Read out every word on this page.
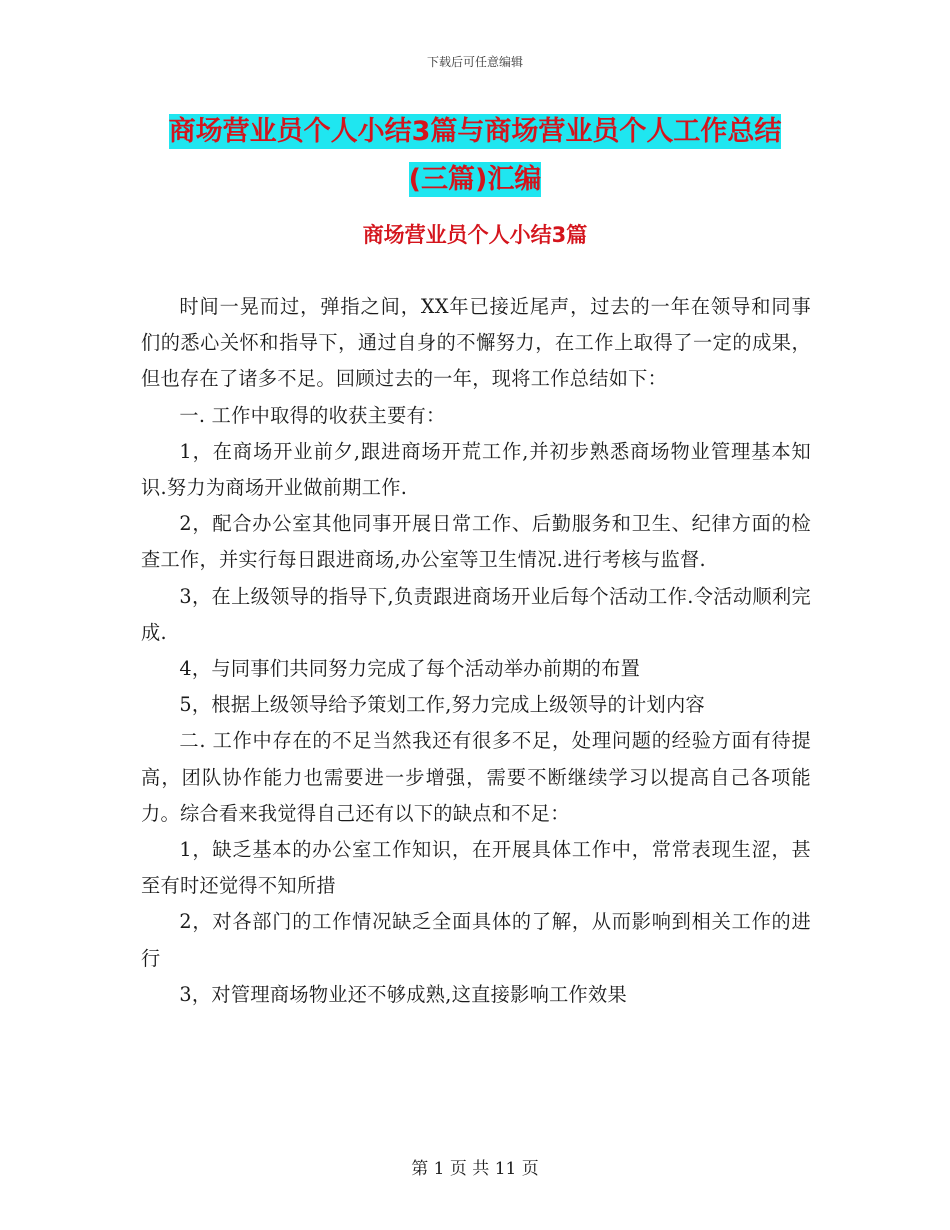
下载后可任意编辑
商场营业员个人小结3篇与商场营业员个人工作总结
(三篇)汇编
商场营业员个人小结3篇

时间一晃而过，弹指之间，XX年已接近尾声，过去的一年在领导和同事们的悉心关怀和指导下，通过自身的不懈努力，在工作上取得了一定的成果，但也存在了诸多不足。回顾过去的一年，现将工作总结如下：

一. 工作中取得的收获主要有：

1，在商场开业前夕,跟进商场开荒工作,并初步熟悉商场物业管理基本知识.努力为商场开业做前期工作.

2，配合办公室其他同事开展日常工作、后勤服务和卫生、纪律方面的检查工作，并实行每日跟进商场,办公室等卫生情况.进行考核与监督.

3，在上级领导的指导下,负责跟进商场开业后每个活动工作.令活动顺利完成.

4，与同事们共同努力完成了每个活动举办前期的布置

5，根据上级领导给予策划工作,努力完成上级领导的计划内容

二. 工作中存在的不足当然我还有很多不足，处理问题的经验方面有待提高，团队协作能力也需要进一步增强，需要不断继续学习以提高自己各项能力。综合看来我觉得自己还有以下的缺点和不足：

1，缺乏基本的办公室工作知识，在开展具体工作中，常常表现生涩，甚至有时还觉得不知所措

2，对各部门的工作情况缺乏全面具体的了解，从而影响到相关工作的进行

3，对管理商场物业还不够成熟,这直接影响工作效果

第 1 页 共 11 页
